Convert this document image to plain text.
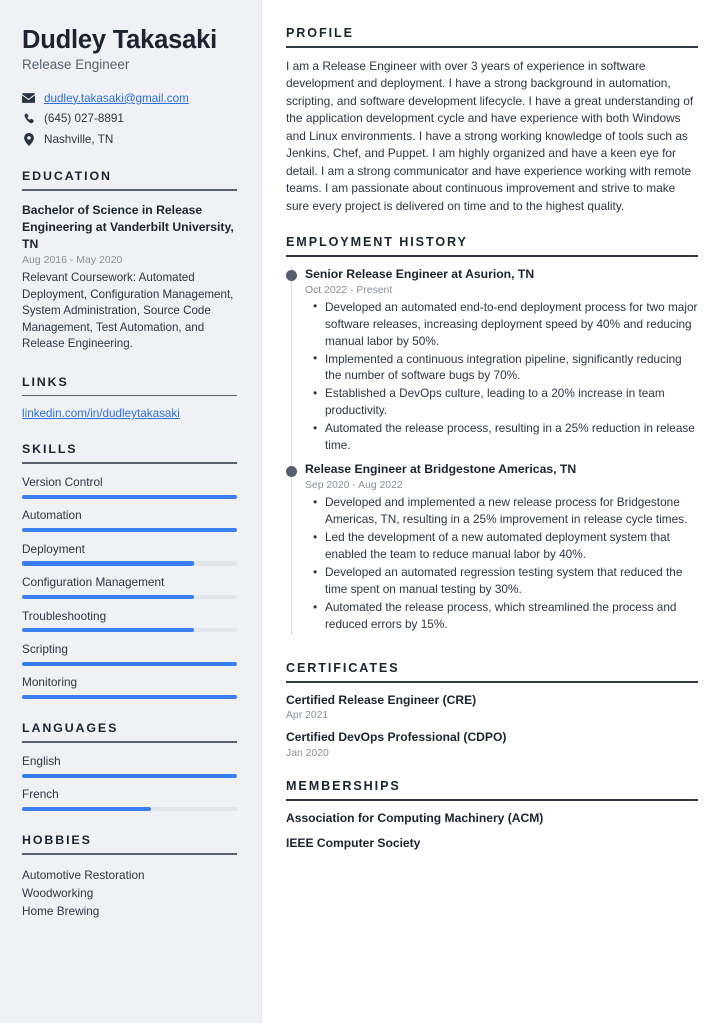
Dudley Takasaki
Release Engineer
dudley.takasaki@gmail.com
(645) 027-8891
Nashville, TN
EDUCATION

Bachelor of Science in Release Engineering at Vanderbilt University, TN

Aug 2016 - May 2020

Relevant Coursework: Automated Deployment, Configuration Management, System Administration, Source Code Management, Test Automation, and Release Engineering.

LINKS
linkedin.com/in/dudleytakasaki
SKILLS
Version Control
Automation
Deployment
Configuration Management
Troubleshooting
Scripting
Monitoring
LANGUAGES
English
French
HOBBIES
Automotive Restoration
Woodworking
Home Brewing
PROFILE

I am a Release Engineer with over 3 years of experience in software development and deployment. I have a strong background in automation, scripting, and software development lifecycle. I have a great understanding of the application development cycle and have experience with both Windows and Linux environments. I have a strong working knowledge of tools such as Jenkins, Chef, and Puppet. I am highly organized and have a keen eye for detail. I am a strong communicator and have experience working with remote teams. I am passionate about continuous improvement and strive to make sure every project is delivered on time and to the highest quality.

EMPLOYMENT HISTORY

Senior Release Engineer at Asurion, TN

Oct 2022 - Present

• Developed an automated end-to-end deployment process for two major software releases, increasing deployment speed by 40% and reducing manual labor by 50%.
• Implemented a continuous integration pipeline, significantly reducing the number of software bugs by 70%.
• Established a DevOps culture, leading to a 20% increase in team productivity.
• Automated the release process, resulting in a 25% reduction in release time.

Release Engineer at Bridgestone Americas, TN

Sep 2020 - Aug 2022

• Developed and implemented a new release process for Bridgestone Americas, TN, resulting in a 25% improvement in release cycle times.
• Led the development of a new automated deployment system that enabled the team to reduce manual labor by 40%.
• Developed an automated regression testing system that reduced the time spent on manual testing by 30%.
• Automated the release process, which streamlined the process and reduced errors by 15%.
CERTIFICATES

Certified Release Engineer (CRE)

Apr 2021

Certified DevOps Professional (CDPO)

Jan 2020

MEMBERSHIPS
Association for Computing Machinery (ACM)
IEEE Computer Society
